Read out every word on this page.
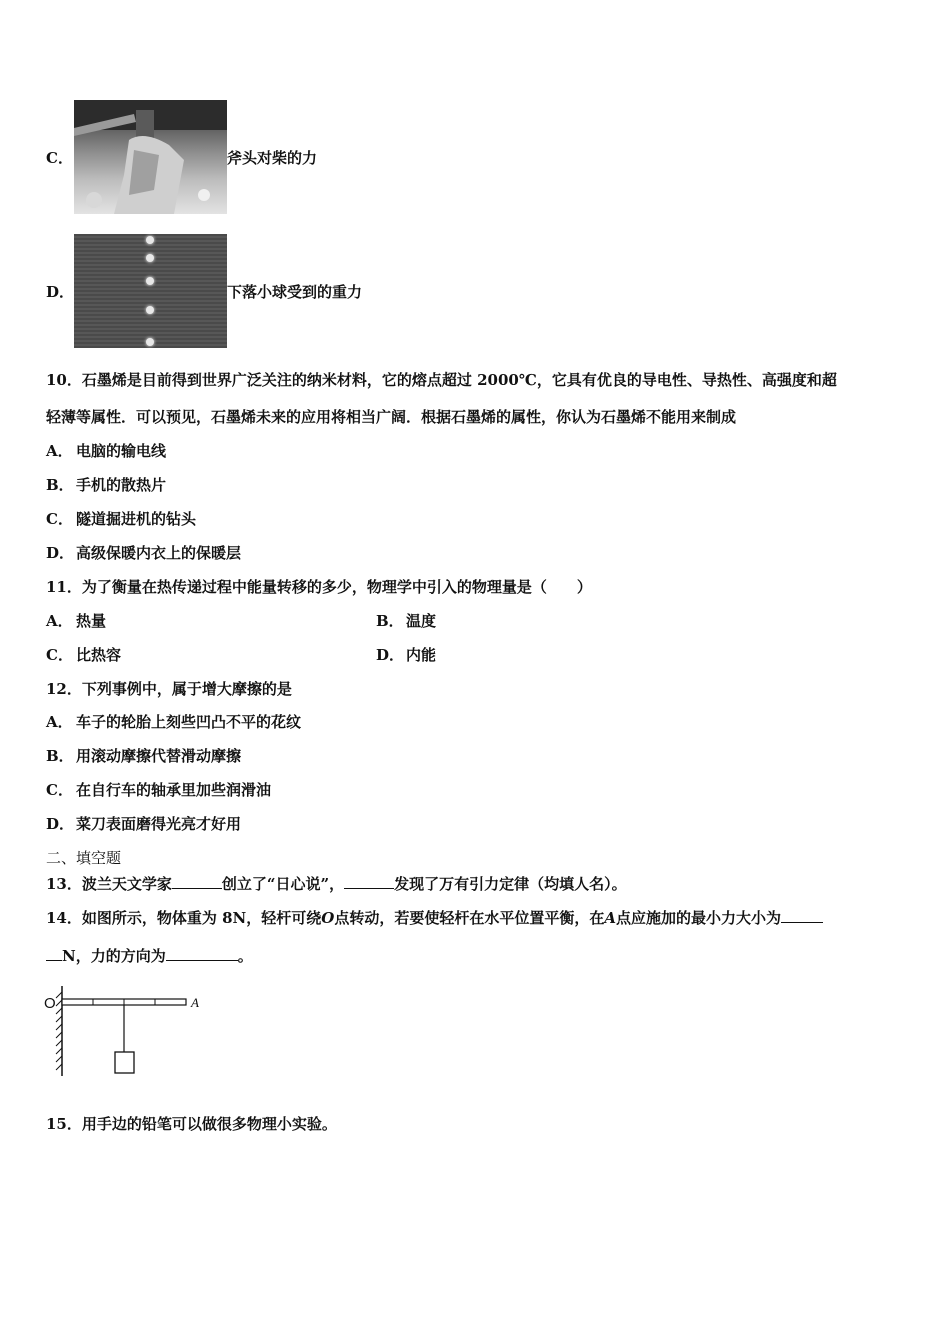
C．	斧头对柴的力
D．	下落小球受到的重力
10．石墨烯是目前得到世界广泛关注的纳米材料，它的熔点超过 2000℃，它具有优良的导电性、导热性、高强度和超
轻薄等属性．可以预见，石墨烯未来的应用将相当广阔．根据石墨烯的属性，你认为石墨烯不能用来制成
A． 电脑的输电线
B． 手机的散热片
C． 隧道掘进机的钻头
D． 高级保暖内衣上的保暖层
11．为了衡量在热传递过程中能量转移的多少，物理学中引入的物理量是（　　）
A． 热量	B． 温度
C． 比热容	D． 内能
12．下列事例中，属于增大摩擦的是
A． 车子的轮胎上刻些凹凸不平的花纹
B． 用滚动摩擦代替滑动摩擦
C． 在自行车的轴承里加些润滑油
D． 菜刀表面磨得光亮才好用
二、填空题
13．波兰天文学家	创立了“日心说”，	发现了万有引力定律（均填人名）。
14．如图所示，物体重为 8N，轻杆可绕O点转动，若要使轻杆在水平位置平衡，在A点应施加的最小力大小为
N，力的方向为	。
O	A
15．用手边的铅笔可以做很多物理小实验。
